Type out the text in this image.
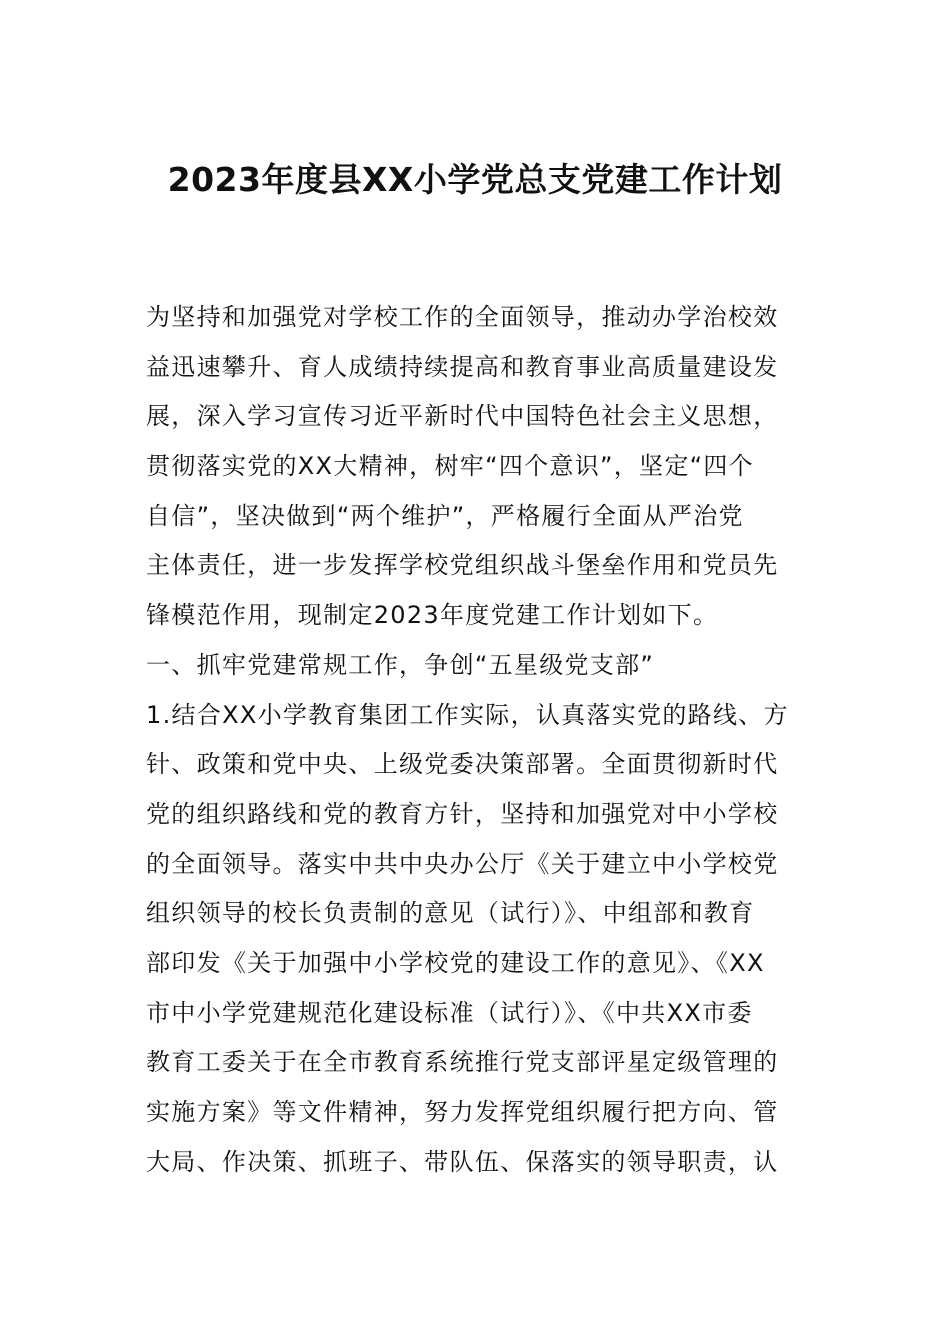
2023年度县XX小学党总支党建工作计划
为坚持和加强党对学校工作的全面领导，推动办学治校效
益迅速攀升、育人成绩持续提高和教育事业高质量建设发
展，深入学习宣传习近平新时代中国特色社会主义思想，
贯彻落实党的XX大精神，树牢“四个意识”，坚定“四个
自信”，坚决做到“两个维护”，严格履行全面从严治党
主体责任，进一步发挥学校党组织战斗堡垒作用和党员先
锋模范作用，现制定2023年度党建工作计划如下。
一、抓牢党建常规工作，争创“五星级党支部”
1.结合XX小学教育集团工作实际，认真落实党的路线、方
针、政策和党中央、上级党委决策部署。全面贯彻新时代
党的组织路线和党的教育方针，坚持和加强党对中小学校
的全面领导。落实中共中央办公厅《关于建立中小学校党
组织领导的校长负责制的意见（试行）》、中组部和教育
部印发《关于加强中小学校党的建设工作的意见》、《XX
市中小学党建规范化建设标准（试行）》、《中共XX市委
教育工委关于在全市教育系统推行党支部评星定级管理的
实施方案》等文件精神，努力发挥党组织履行把方向、管
大局、作决策、抓班子、带队伍、保落实的领导职责，认
